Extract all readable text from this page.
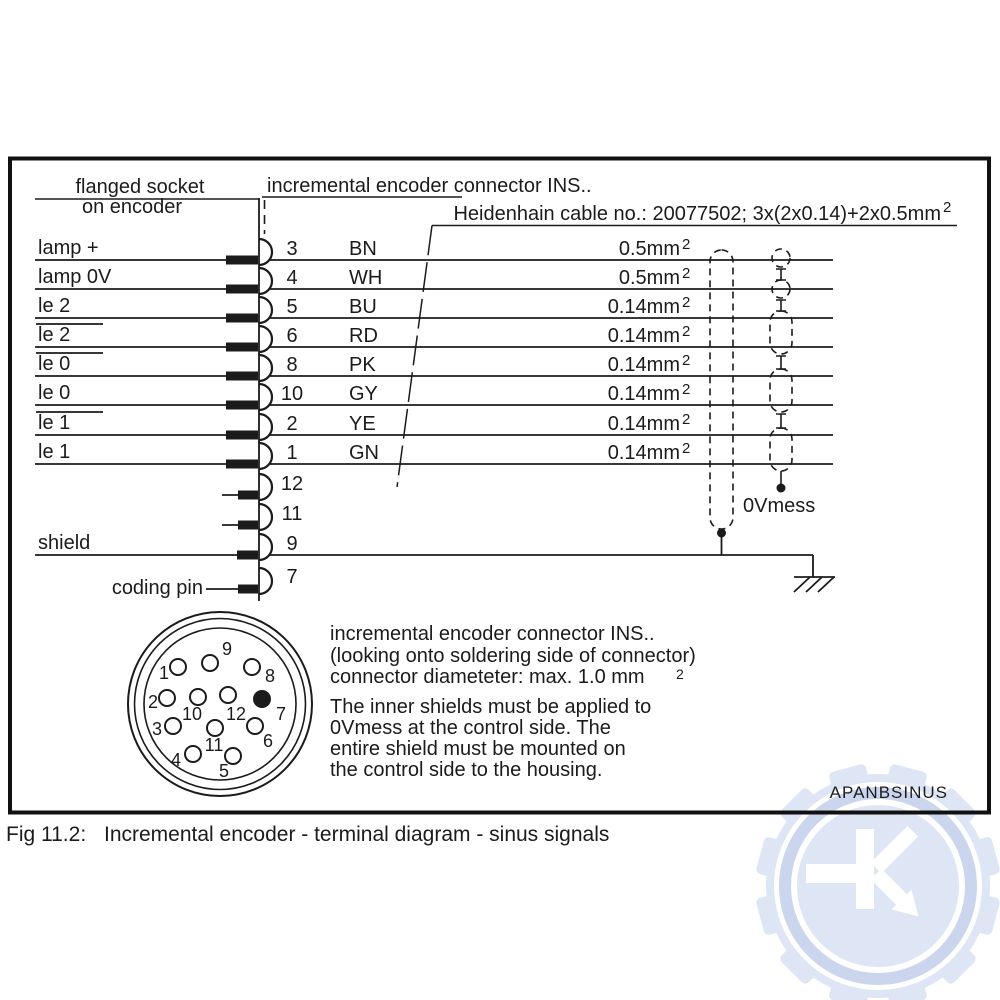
flanged socket
on encoder
incremental encoder connector INS..
Heidenhain cable no.: 20077502; 3x(2x0.14)+2x0.5mm 2
lamp +	3	BN	0.5mm 2
lamp 0V	4	WH	0.5mm 2
le 2	5	BU	0.14mm 2
le 2	6	RD	0.14mm 2
le 0	8	PK	0.14mm 2
le 0	10 GY	0.14mm 2
le 1	2	YE	0.14mm 2
le 1	1	GN	0.14mm 2
12
11
shield	9
coding pin	7
0Vmess
1
2
3
4
5
6
7
8
9
10
11
12
incremental encoder connector INS..
(looking onto soldering side of connector)
connector diameteter: max. 1.0 mm 2
The inner shields must be applied to
0Vmess at the control side. The
entire shield must be mounted on
the control side to the housing.
APANBSINUS
Fig 11.2: Incremental encoder - terminal diagram - sinus signals
